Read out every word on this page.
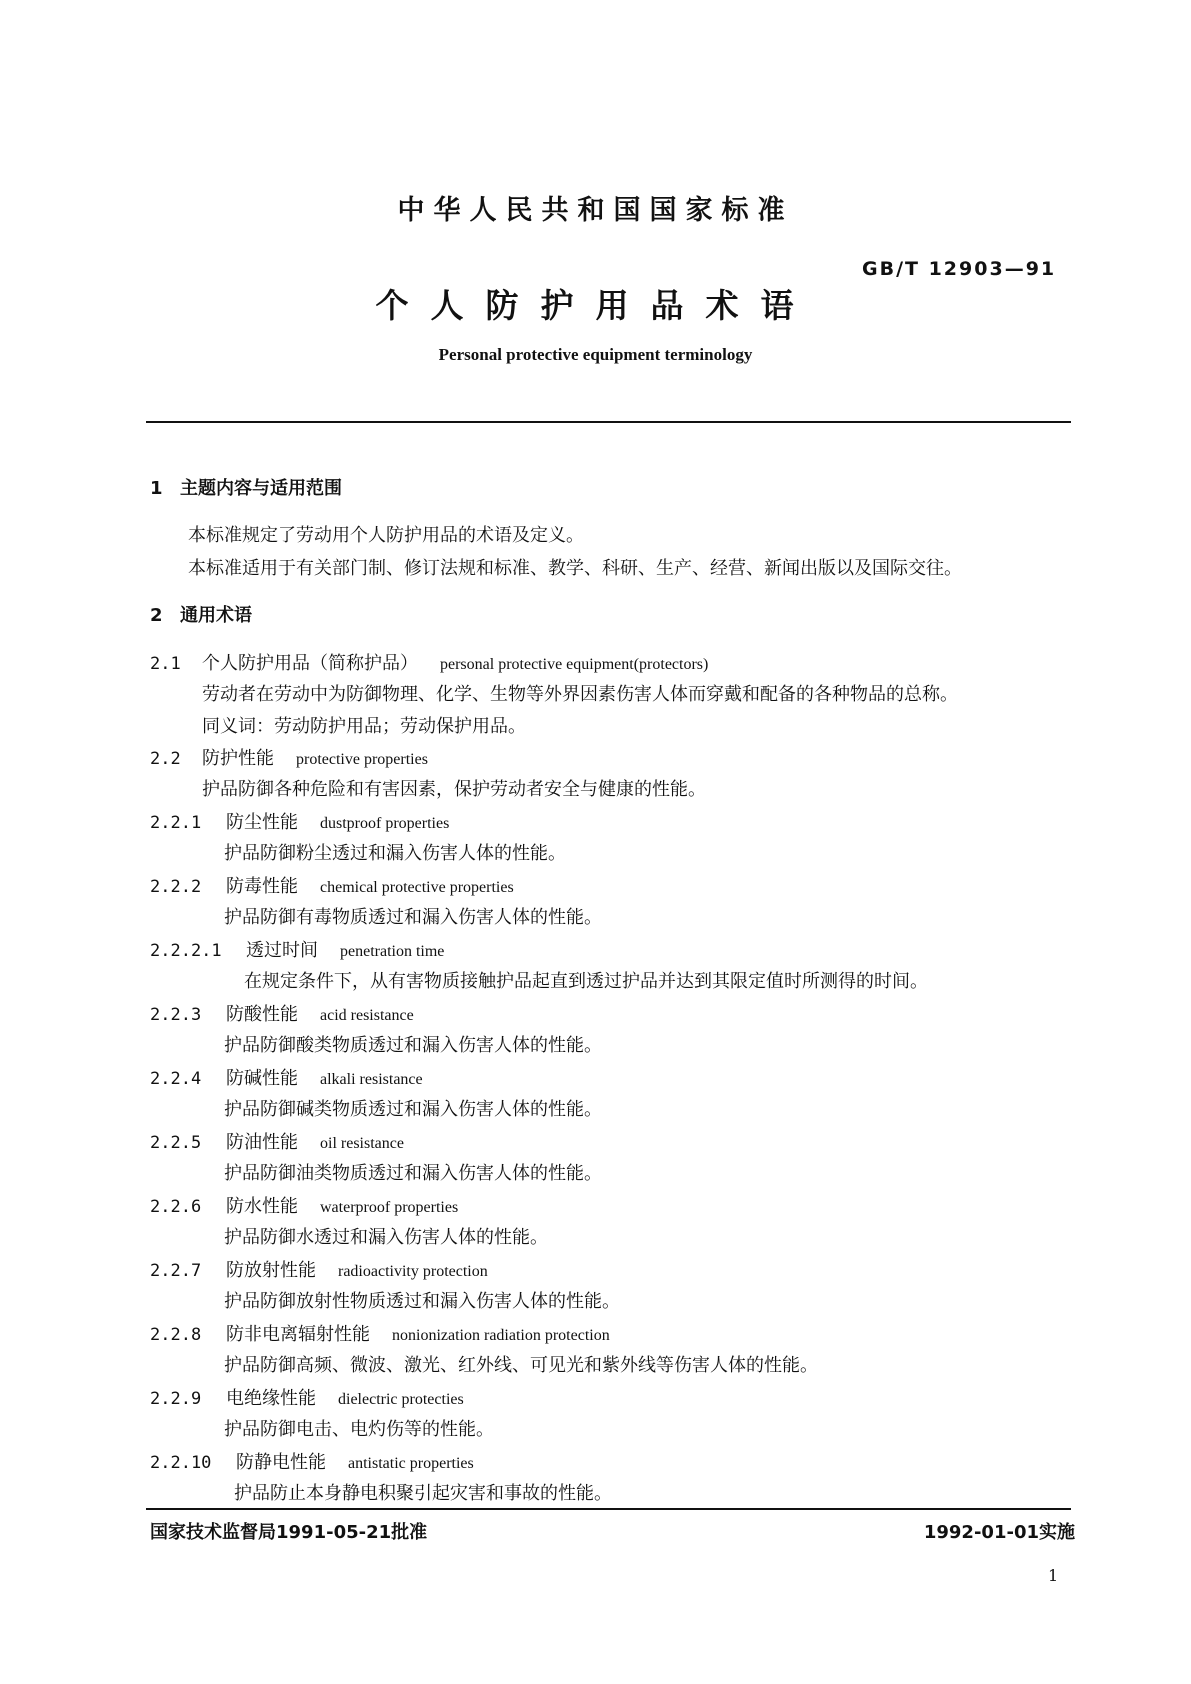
中华人民共和国国家标准
GB/T 12903—91
个人防护用品术语
Personal protective equipment terminology
1 主题内容与适用范围
本标准规定了劳动用个人防护用品的术语及定义。
本标准适用于有关部门制、修订法规和标准、教学、科研、生产、经营、新闻出版以及国际交往。
2 通用术语
2.1 个人防护用品（简称护品） personal protective equipment(protectors)
劳动者在劳动中为防御物理、化学、生物等外界因素伤害人体而穿戴和配备的各种物品的总称。
同义词：劳动防护用品；劳动保护用品。
2.2 防护性能 protective properties
护品防御各种危险和有害因素，保护劳动者安全与健康的性能。
2.2.1 防尘性能 dustproof properties
护品防御粉尘透过和漏入伤害人体的性能。
2.2.2 防毒性能 chemical protective properties
护品防御有毒物质透过和漏入伤害人体的性能。
2.2.2.1 透过时间 penetration time
在规定条件下，从有害物质接触护品起直到透过护品并达到其限定值时所测得的时间。
2.2.3 防酸性能 acid resistance
护品防御酸类物质透过和漏入伤害人体的性能。
2.2.4 防碱性能 alkali resistance
护品防御碱类物质透过和漏入伤害人体的性能。
2.2.5 防油性能 oil resistance
护品防御油类物质透过和漏入伤害人体的性能。
2.2.6 防水性能 waterproof properties
护品防御水透过和漏入伤害人体的性能。
2.2.7 防放射性能 radioactivity protection
护品防御放射性物质透过和漏入伤害人体的性能。
2.2.8 防非电离辐射性能 nonionization radiation protection
护品防御高频、微波、激光、红外线、可见光和紫外线等伤害人体的性能。
2.2.9 电绝缘性能 dielectric protecties
护品防御电击、电灼伤等的性能。
2.2.10 防静电性能 antistatic properties
护品防止本身静电积聚引起灾害和事故的性能。
国家技术监督局1991-05-21批准	1992-01-01实施
1
